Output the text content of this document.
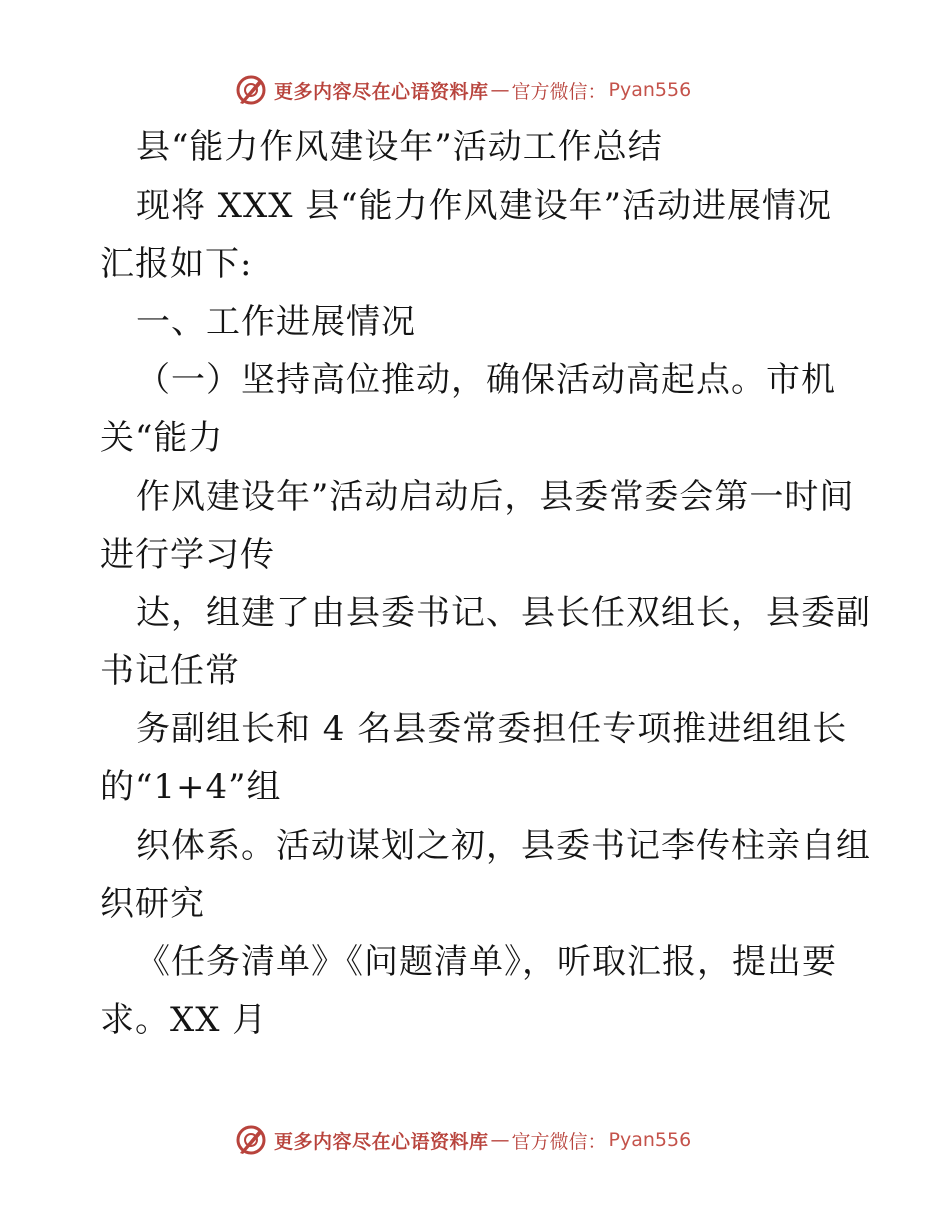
更多内容尽在心语资料库 — 官方微信： Pyan556
县“能力作风建设年”活动工作总结
现将 XXX 县“能力作风建设年”活动进展情况
汇报如下:
一、工作进展情况
（一）坚持高位推动，确保活动高起点。市机
关“能力
作风建设年”活动启动后，县委常委会第一时间
进行学习传
达，组建了由县委书记、县长任双组长，县委副
书记任常
务副组长和 4 名县委常委担任专项推进组组长
的“1+4”组
织体系。活动谋划之初，县委书记李传柱亲自组
织研究
《任务清单》《问题清单》，听取汇报，提出要
求。XX 月
更多内容尽在心语资料库 — 官方微信： Pyan556
